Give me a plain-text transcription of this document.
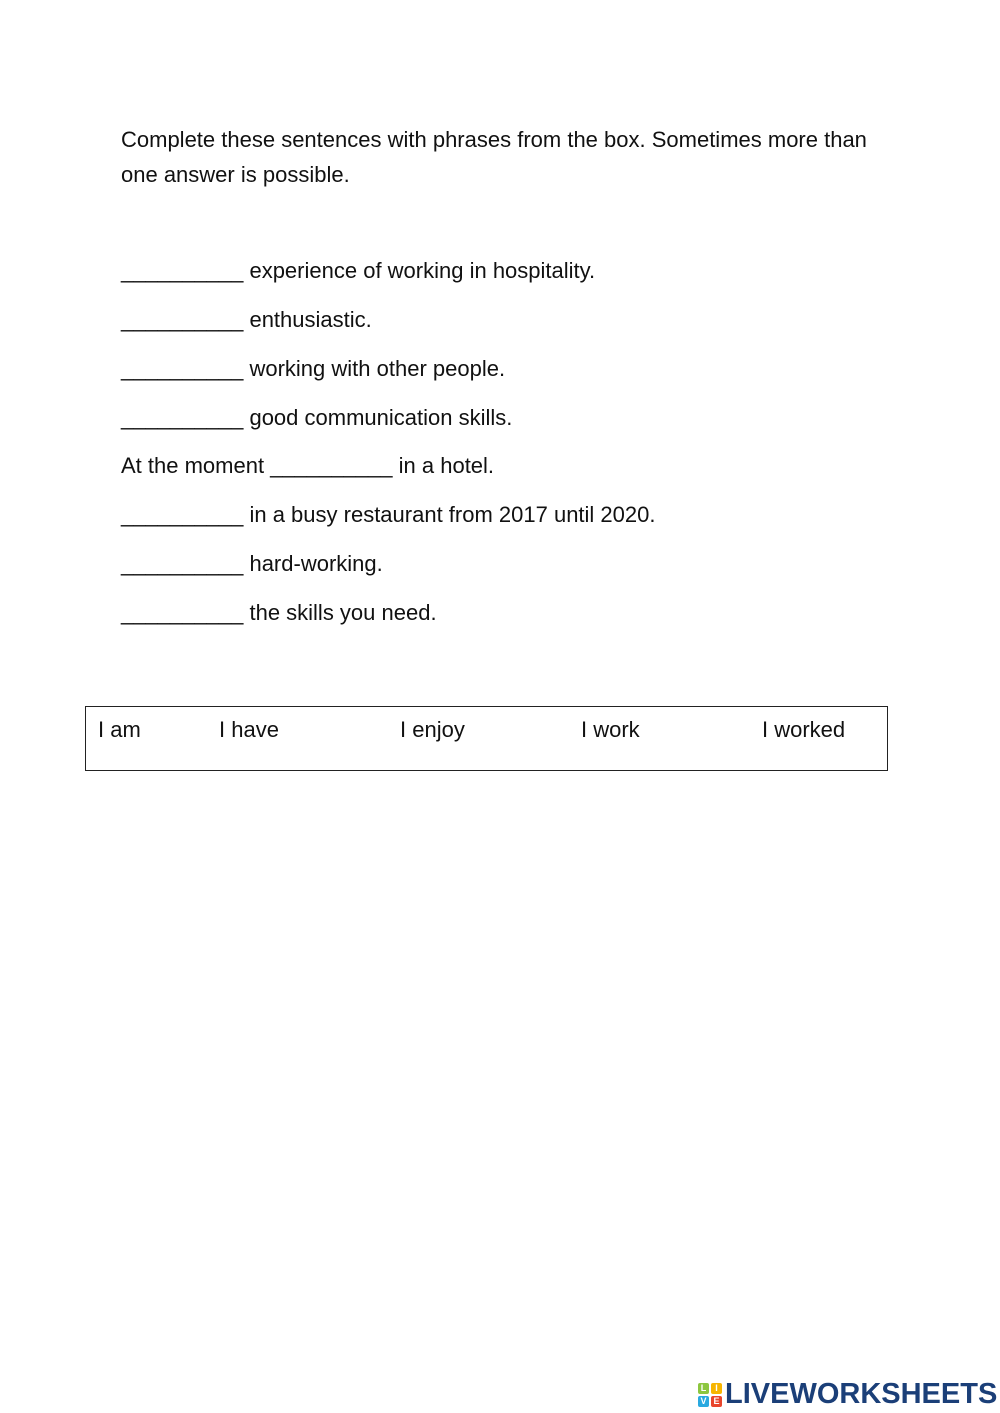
Complete these sentences with phrases from the box. Sometimes more than one answer is possible.
__________ experience of working in hospitality.
__________ enthusiastic.
__________ working with other people.
__________ good communication skills.
At the moment __________ in a hotel.
__________ in a busy restaurant from 2017 until 2020.
__________ hard-working.
__________ the skills you need.
I am	I have	I enjoy	I work	I worked
L I
V E LIVEWORKSHEETS
